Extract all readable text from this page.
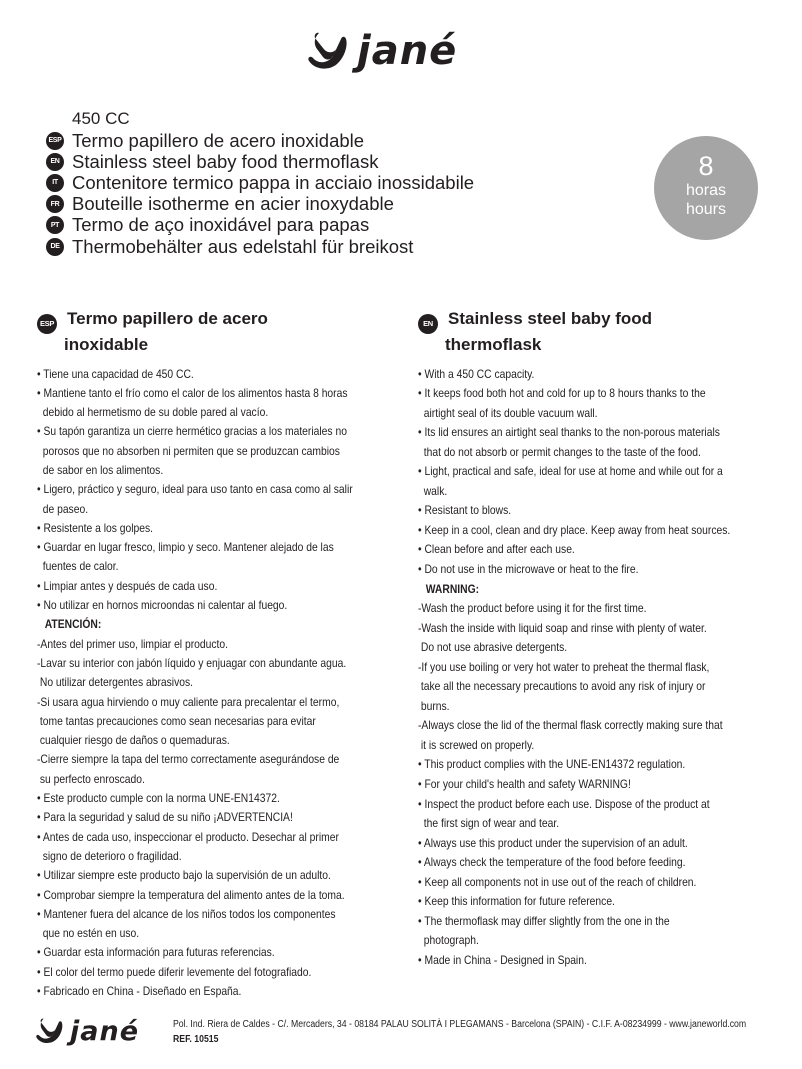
jané
450 CC
ESP Termo papillero de acero inoxidable
EN Stainless steel baby food thermoflask
IT Contenitore termico pappa in acciaio inossidabile
FR Bouteille isotherme en acier inoxydable
PT Termo de aço inoxidável para papas
DE Thermobehälter aus edelstahl für breikost
8
horas
hours
ESP Termo papillero de acero
inoxidable
• Tiene una capacidad de 450 CC.
• Mantiene tanto el frío como el calor de los alimentos hasta 8 horas
debido al hermetismo de su doble pared al vacío.
• Su tapón garantiza un cierre hermético gracias a los materiales no
porosos que no absorben ni permiten que se produzcan cambios
de sabor en los alimentos.
• Ligero, práctico y seguro, ideal para uso tanto en casa como al salir
de paseo.
• Resistente a los golpes.
• Guardar en lugar fresco, limpio y seco. Mantener alejado de las
fuentes de calor.
• Limpiar antes y después de cada uso.
• No utilizar en hornos microondas ni calentar al fuego.
ATENCIÓN:
-Antes del primer uso, limpiar el producto.
-Lavar su interior con jabón líquido y enjuagar con abundante agua.
No utilizar detergentes abrasivos.
-Si usara agua hirviendo o muy caliente para precalentar el termo,
tome tantas precauciones como sean necesarias para evitar
cualquier riesgo de daños o quemaduras.
-Cierre siempre la tapa del termo correctamente asegurándose de
su perfecto enroscado.
• Este producto cumple con la norma UNE-EN14372.
• Para la seguridad y salud de su niño ¡ADVERTENCIA!
• Antes de cada uso, inspeccionar el producto. Desechar al primer
signo de deterioro o fragilidad.
• Utilizar siempre este producto bajo la supervisión de un adulto.
• Comprobar siempre la temperatura del alimento antes de la toma.
• Mantener fuera del alcance de los niños todos los componentes
que no estén en uso.
• Guardar esta información para futuras referencias.
• El color del termo puede diferir levemente del fotografiado.
• Fabricado en China - Diseñado en España.
EN Stainless steel baby food
thermoflask
• With a 450 CC capacity.
• It keeps food both hot and cold for up to 8 hours thanks to the
airtight seal of its double vacuum wall.
• Its lid ensures an airtight seal thanks to the non-porous materials
that do not absorb or permit changes to the taste of the food.
• Light, practical and safe, ideal for use at home and while out for a
walk.
• Resistant to blows.
• Keep in a cool, clean and dry place. Keep away from heat sources.
• Clean before and after each use.
• Do not use in the microwave or heat to the fire.
WARNING:
-Wash the product before using it for the first time.
-Wash the inside with liquid soap and rinse with plenty of water.
Do not use abrasive detergents.
-If you use boiling or very hot water to preheat the thermal flask,
take all the necessary precautions to avoid any risk of injury or
burns.
-Always close the lid of the thermal flask correctly making sure that
it is screwed on properly.
• This product complies with the UNE-EN14372 regulation.
• For your child's health and safety WARNING!
• Inspect the product before each use. Dispose of the product at
the first sign of wear and tear.
• Always use this product under the supervision of an adult.
• Always check the temperature of the food before feeding.
• Keep all components not in use out of the reach of children.
• Keep this information for future reference.
• The thermoflask may differ slightly from the one in the
photograph.
• Made in China - Designed in Spain.
jané	Pol. Ind. Riera de Caldes - C/. Mercaders, 34 - 08184 PALAU SOLITÀ I PLEGAMANS - Barcelona (SPAIN) - C.I.F. A-08234999 - www.janeworld.com
REF. 10515
